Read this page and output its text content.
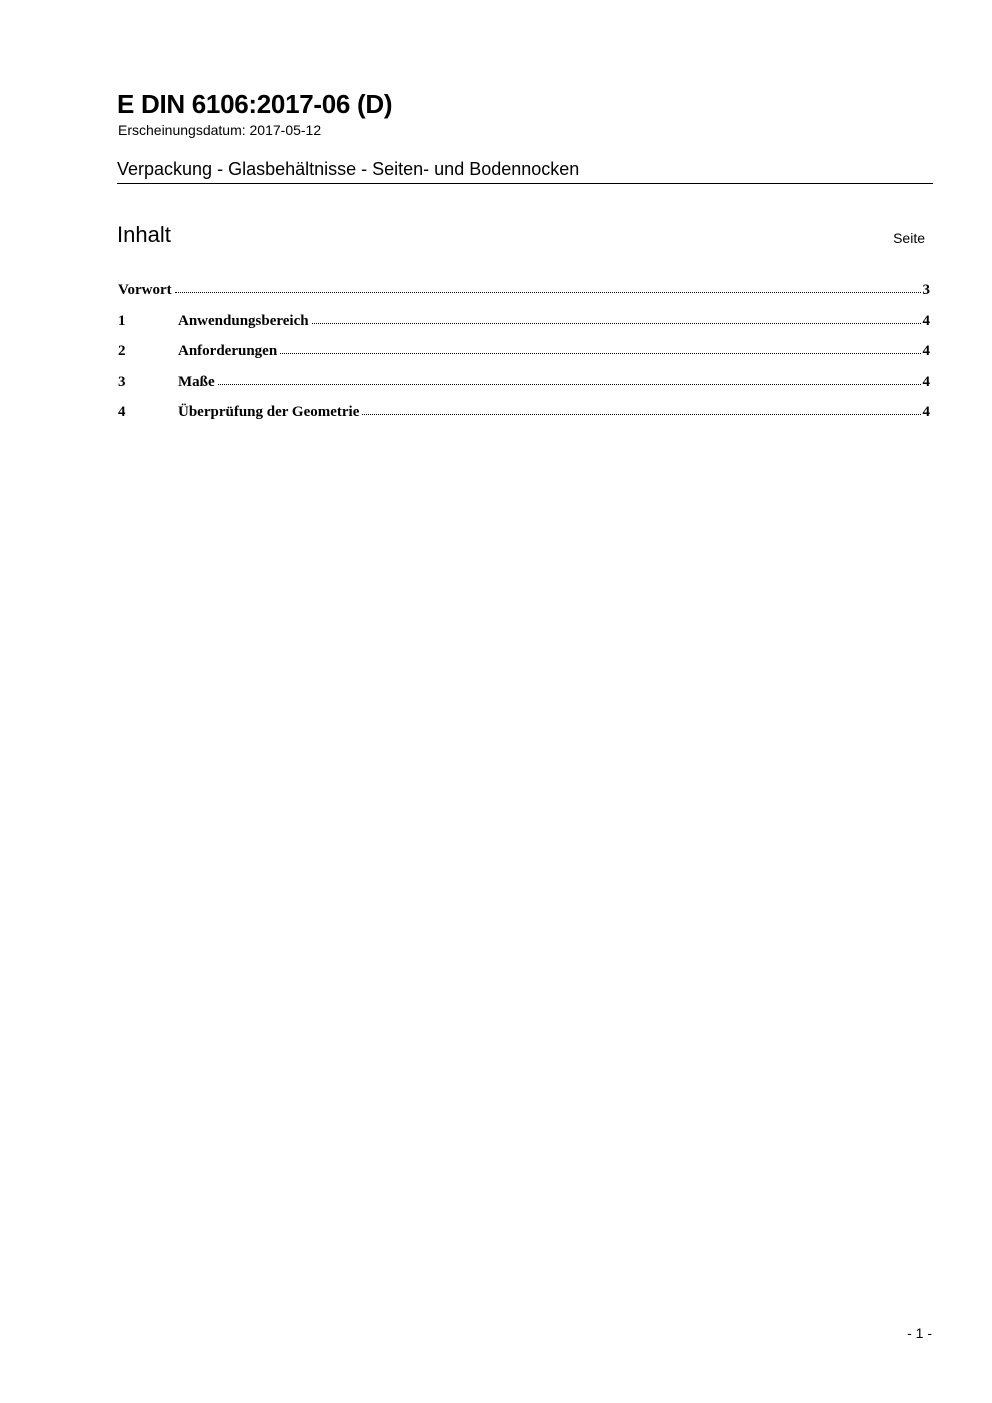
E DIN 6106:2017-06 (D)
Erscheinungsdatum: 2017-05-12
Verpackung - Glasbehältnisse - Seiten- und Bodennocken
Inhalt	Seite
Vorwort	3
1	Anwendungsbereich	4
2	Anforderungen	4
3	Maße	4
4	Überprüfung der Geometrie	4
- 1 -
